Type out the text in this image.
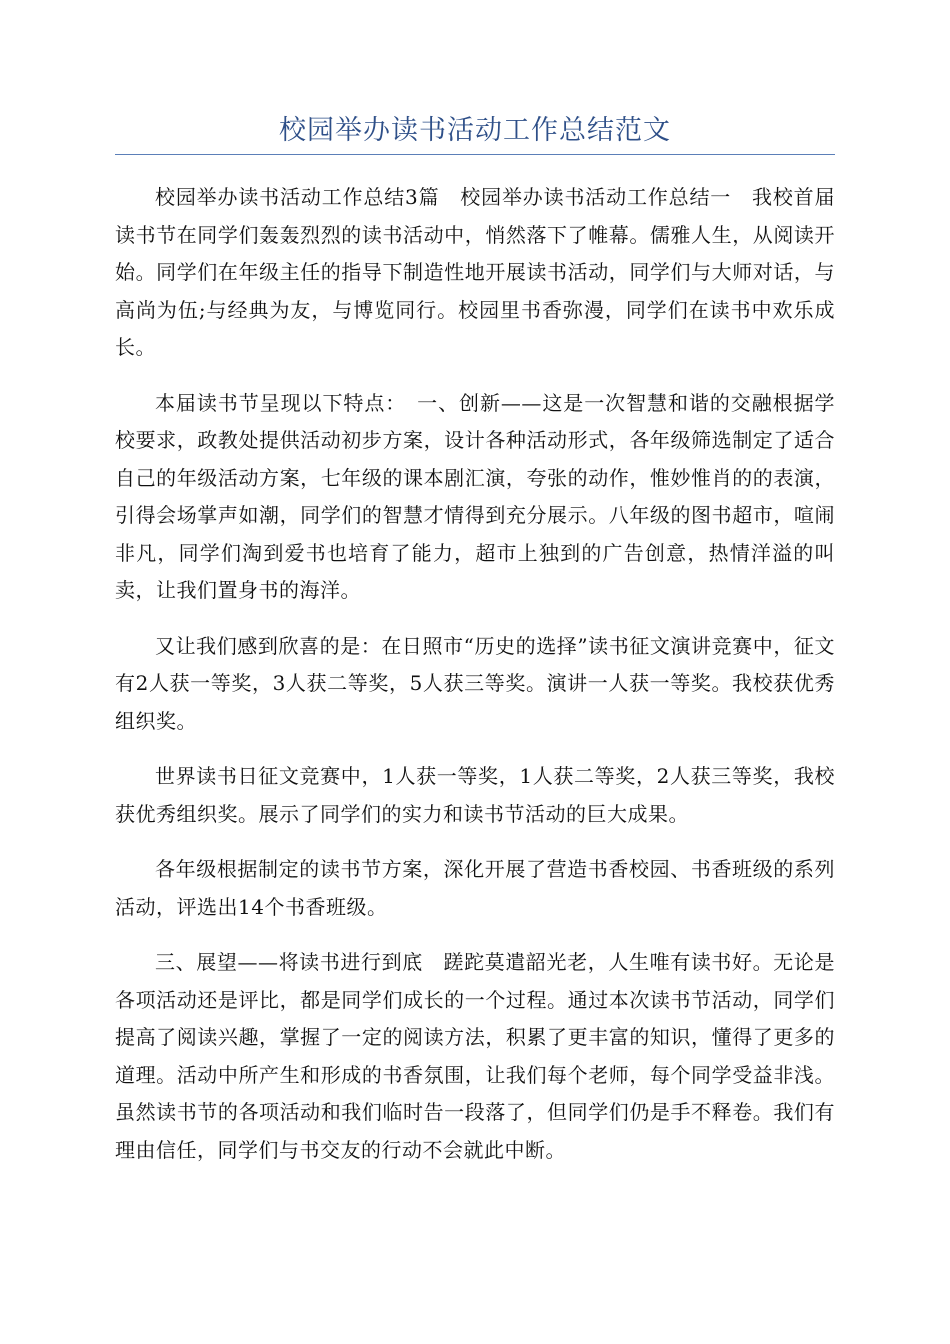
校园举办读书活动工作总结范文

校园举办读书活动工作总结3篇　校园举办读书活动工作总结一　我校首届读书节在同学们轰轰烈烈的读书活动中，悄然落下了帷幕。儒雅人生，从阅读开始。同学们在年级主任的指导下制造性地开展读书活动，同学们与大师对话，与高尚为伍;与经典为友，与博览同行。校园里书香弥漫，同学们在读书中欢乐成长。

本届读书节呈现以下特点：　一、创新——这是一次智慧和谐的交融根据学校要求，政教处提供活动初步方案，设计各种活动形式，各年级筛选制定了适合自己的年级活动方案，七年级的课本剧汇演，夸张的动作，惟妙惟肖的的表演，引得会场掌声如潮，同学们的智慧才情得到充分展示。八年级的图书超市，喧闹非凡，同学们淘到爱书也培育了能力，超市上独到的广告创意，热情洋溢的叫卖，让我们置身书的海洋。

又让我们感到欣喜的是：在日照市“历史的选择”读书征文演讲竞赛中，征文有2人获一等奖，3人获二等奖，5人获三等奖。演讲一人获一等奖。我校获优秀组织奖。

世界读书日征文竞赛中，1人获一等奖，1人获二等奖，2人获三等奖，我校获优秀组织奖。展示了同学们的实力和读书节活动的巨大成果。

各年级根据制定的读书节方案，深化开展了营造书香校园、书香班级的系列活动，评选出14个书香班级。

三、展望——将读书进行到底　蹉跎莫遣韶光老，人生唯有读书好。无论是各项活动还是评比，都是同学们成长的一个过程。通过本次读书节活动，同学们提高了阅读兴趣，掌握了一定的阅读方法，积累了更丰富的知识，懂得了更多的道理。活动中所产生和形成的书香氛围，让我们每个老师，每个同学受益非浅。虽然读书节的各项活动和我们临时告一段落了，但同学们仍是手不释卷。我们有理由信任，同学们与书交友的行动不会就此中断。
